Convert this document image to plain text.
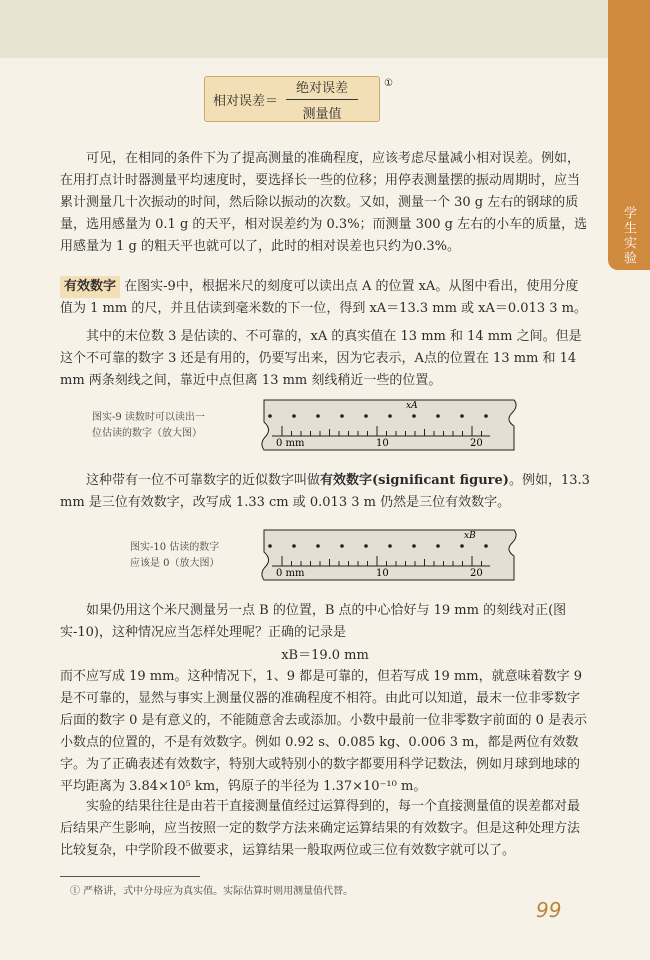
学生实验
相对误差＝ $\frac{\text{绝对误差}}{\text{测量值}}$	①

可见，在相同的条件下为了提高测量的准确程度，应该考虑尽量减小相对误差。例如，在用打点计时器测量平均速度时，要选择长一些的位移；用停表测量摆的振动周期时，应当累计测量几十次振动的时间，然后除以振动的次数。又如，测量一个 30 g 左右的钢球的质量，选用感量为 0.1 g 的天平，相对误差约为 0.3%；而测量 300 g 左右的小车的质量，选用感量为 1 g 的粗天平也就可以了，此时的相对误差也只约为0.3%。

有效数字 在图实-9中，根据米尺的刻度可以读出点 A 的位置 xA。从图中看出，使用分度值为 1 mm 的尺，并且估读到毫米数的下一位，得到 xA＝13.3 mm 或 xA＝0.013 3 m。

其中的末位数 3 是估读的、不可靠的，xA 的真实值在 13 mm 和 14 mm 之间。但是这个不可靠的数字 3 还是有用的，仍要写出来，因为它表示，A点的位置在 13 mm 和 14 mm 两条刻线之间，靠近中点但离 13 mm 刻线稍近一些的位置。

图实-9 读数时可以读出一
位估读的数字（放大图）
xA
0 mm	10	20

这种带有一位不可靠数字的近似数字叫做有效数字(significant figure)。例如，13.3 mm 是三位有效数字，改写成 1.33 cm 或 0.013 3 m 仍然是三位有效数字。

图实-10 估读的数字
应该是 0（放大图）
xB
0 mm	10	20

如果仍用这个米尺测量另一点 B 的位置，B 点的中心恰好与 19 mm 的刻线对正(图实-10)，这种情况应当怎样处理呢？正确的记录是

xB＝19.0 mm

而不应写成 19 mm。这种情况下，1、9 都是可靠的，但若写成 19 mm，就意味着数字 9 是不可靠的，显然与事实上测量仪器的准确程度不相符。由此可以知道，最末一位非零数字后面的数字 0 是有意义的，不能随意舍去或添加。小数中最前一位非零数字前面的 0 是表示小数点的位置的，不是有效数字。例如 0.92 s、0.085 kg、0.006 3 m，都是两位有效数字。为了正确表述有效数字，特别大或特别小的数字都要用科学记数法，例如月球到地球的平均距离为 3.84×10⁵ km，钨原子的半径为 1.37×10⁻¹⁰ m。

实验的结果往往是由若干直接测量值经过运算得到的，每一个直接测量值的误差都对最后结果产生影响，应当按照一定的数学方法来确定运算结果的有效数字。但是这种处理方法比较复杂，中学阶段不做要求，运算结果一般取两位或三位有效数字就可以了。

① 严格讲，式中分母应为真实值。实际估算时则用测量值代替。
99
